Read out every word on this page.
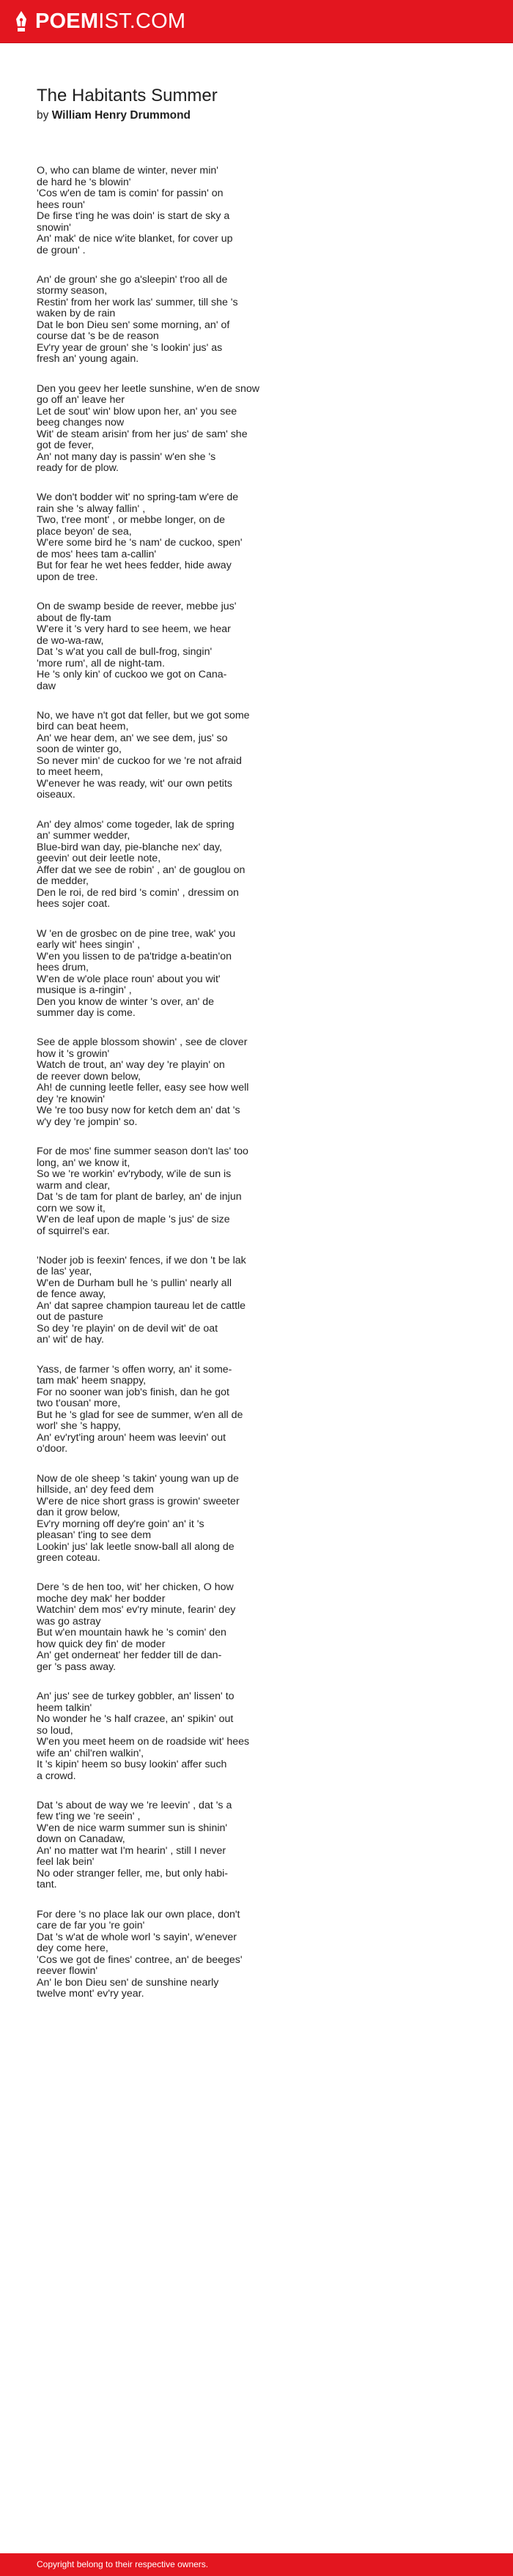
POEMIST.COM
The Habitants Summer

by William Henry Drummond

O, who can blame de winter, never min'
de hard he 's blowin'
'Cos w'en de tam is comin' for passin' on
hees roun'
De firse t'ing he was doin' is start de sky a
snowin'
An' mak' de nice w'ite blanket, for cover up
de groun' .
An' de groun' she go a'sleepin' t'roo all de
stormy season,
Restin' from her work las' summer, till she 's
waken by de rain
Dat le bon Dieu sen' some morning, an' of
course dat 's be de reason
Ev'ry year de groun' she 's lookin' jus' as
fresh an' young again.
Den you geev her leetle sunshine, w'en de snow
go off an' leave her
Let de sout' win' blow upon her, an' you see
beeg changes now
Wit' de steam arisin' from her jus' de sam' she
got de fever,
An' not many day is passin' w'en she 's
ready for de plow.
We don't bodder wit' no spring-tam w'ere de
rain she 's alway fallin' ,
Two, t'ree mont' , or mebbe longer, on de
place beyon' de sea,
W'ere some bird he 's nam' de cuckoo, spen'
de mos' hees tam a-callin'
But for fear he wet hees fedder, hide away
upon de tree.
On de swamp beside de reever, mebbe jus'
about de fly-tam
W'ere it 's very hard to see heem, we hear
de wo-wa-raw,
Dat 's w'at you call de bull-frog, singin'
'more rum', all de night-tam.
He 's only kin' of cuckoo we got on Cana-
daw
No, we have n't got dat feller, but we got some
bird can beat heem,
An' we hear dem, an' we see dem, jus' so
soon de winter go,
So never min' de cuckoo for we 're not afraid
to meet heem,
W'enever he was ready, wit' our own petits
oiseaux.
An' dey almos' come togeder, lak de spring
an' summer wedder,
Blue-bird wan day, pie-blanche nex' day,
geevin' out deir leetle note,
Affer dat we see de robin' , an' de gouglou on
de medder,
Den le roi, de red bird 's comin' , dressim on
hees sojer coat.
W 'en de grosbec on de pine tree, wak' you
early wit' hees singin' ,
W'en you lissen to de pa'tridge a-beatin'on
hees drum,
W'en de w'ole place roun' about you wit'
musique is a-ringin' ,
Den you know de winter 's over, an' de
summer day is come.
See de apple blossom showin' , see de clover
how it 's growin'
Watch de trout, an' way dey 're playin' on
de reever down below,
Ah! de cunning leetle feller, easy see how well
dey 're knowin'
We 're too busy now for ketch dem an' dat 's
w'y dey 're jompin' so.
For de mos' fine summer season don't las' too
long, an' we know it,
So we 're workin' ev'rybody, w'ile de sun is
warm and clear,
Dat 's de tam for plant de barley, an' de injun
corn we sow it,
W'en de leaf upon de maple 's jus' de size
of squirrel's ear.
'Noder job is feexin' fences, if we don 't be lak
de las' year,
W'en de Durham bull he 's pullin' nearly all
de fence away,
An' dat sapree champion taureau let de cattle
out de pasture
So dey 're playin' on de devil wit' de oat
an' wit' de hay.
Yass, de farmer 's offen worry, an' it some-
tam mak' heem snappy,
For no sooner wan job's finish, dan he got
two t'ousan' more,
But he 's glad for see de summer, w'en all de
worl' she 's happy,
An' ev'ryt'ing aroun' heem was leevin' out
o'door.
Now de ole sheep 's takin' young wan up de
hillside, an' dey feed dem
W'ere de nice short grass is growin' sweeter
dan it grow below,
Ev'ry morning off dey're goin' an' it 's
pleasan' t'ing to see dem
Lookin' jus' lak leetle snow-ball all along de
green coteau.
Dere 's de hen too, wit' her chicken, O how
moche dey mak' her bodder
Watchin' dem mos' ev'ry minute, fearin' dey
was go astray
But w'en mountain hawk he 's comin' den
how quick dey fin' de moder
An' get onderneat' her fedder till de dan-
ger 's pass away.
An' jus' see de turkey gobbler, an' lissen' to
heem talkin'
No wonder he 's half crazee, an' spikin' out
so loud,
W'en you meet heem on de roadside wit' hees
wife an' chil'ren walkin',
It 's kipin' heem so busy lookin' affer such
a crowd.
Dat 's about de way we 're leevin' , dat 's a
few t'ing we 're seein' ,
W'en de nice warm summer sun is shinin'
down on Canadaw,
An' no matter wat I'm hearin' , still I never
feel lak bein'
No oder stranger feller, me, but only habi-
tant.
For dere 's no place lak our own place, don't
care de far you 're goin'
Dat 's w'at de whole worl 's sayin', w'enever
dey come here,
'Cos we got de fines' contree, an' de beeges'
reever flowin'
An' le bon Dieu sen' de sunshine nearly
twelve mont' ev'ry year.
Copyright belong to their respective owners.
